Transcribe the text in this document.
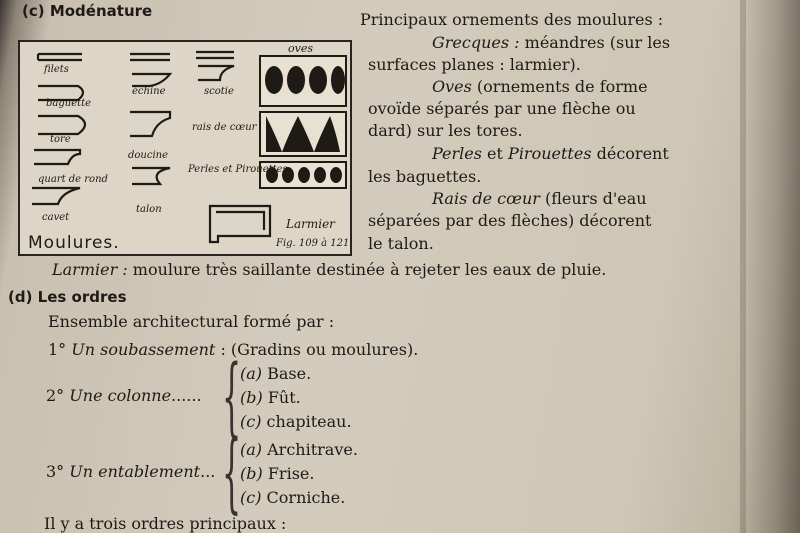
(c) Modénature
filets
baguette
tore
quart de rond
cavet
échine
doucine
talon
scotie
rais de cœur
Perles et Pirouettes
oves
Larmier
Moulures.	Fig. 109 à 121
Principaux ornements des moulures :
Grecques : méandres (sur les
surfaces planes : larmier).
Oves (ornements de forme
ovoïde séparés par une flèche ou
dard) sur les tores.
Perles et Pirouettes décorent
les baguettes.
Rais de cœur (fleurs d'eau
séparées par des flèches) décorent
le talon.
Larmier : moulure très saillante destinée à rejeter les eaux de pluie.
(d) Les ordres
Ensemble architectural formé par :
1° Un soubassement : (Gradins ou moulures).
2° Une colonne...... {
(a) Base.
(b) Fût.
(c) chapiteau.
3° Un entablement... {
(a) Architrave.
(b) Frise.
(c) Corniche.
Il y a trois ordres principaux :
